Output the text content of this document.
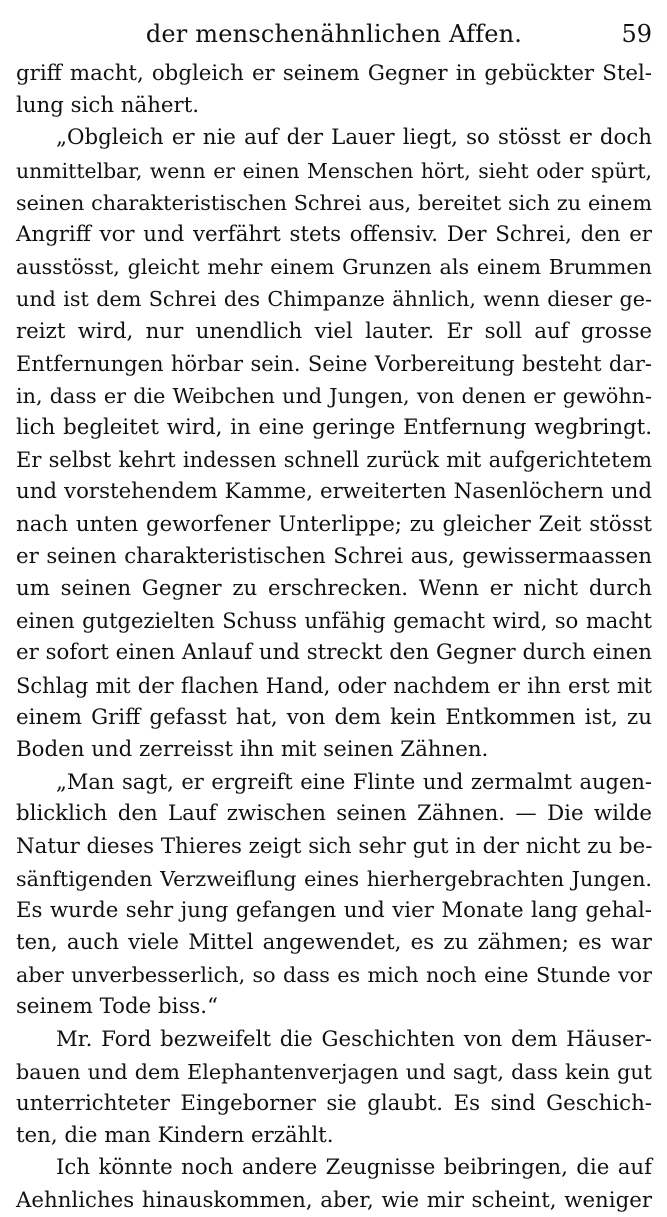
der menschenähnlichen Affen.	59
griff macht, obgleich er seinem Gegner in gebückter Stel-
lung sich nähert.
„Obgleich er nie auf der Lauer liegt, so stösst er doch
unmittelbar, wenn er einen Menschen hört, sieht oder spürt,
seinen charakteristischen Schrei aus, bereitet sich zu einem
Angriff vor und verfährt stets offensiv. Der Schrei, den er
ausstösst, gleicht mehr einem Grunzen als einem Brummen
und ist dem Schrei des Chimpanze ähnlich, wenn dieser ge-
reizt wird, nur unendlich viel lauter. Er soll auf grosse
Entfernungen hörbar sein. Seine Vorbereitung besteht dar-
in, dass er die Weibchen und Jungen, von denen er gewöhn-
lich begleitet wird, in eine geringe Entfernung wegbringt.
Er selbst kehrt indessen schnell zurück mit aufgerichtetem
und vorstehendem Kamme, erweiterten Nasenlöchern und
nach unten geworfener Unterlippe; zu gleicher Zeit stösst
er seinen charakteristischen Schrei aus, gewissermaassen
um seinen Gegner zu erschrecken. Wenn er nicht durch
einen gutgezielten Schuss unfähig gemacht wird, so macht
er sofort einen Anlauf und streckt den Gegner durch einen
Schlag mit der flachen Hand, oder nachdem er ihn erst mit
einem Griff gefasst hat, von dem kein Entkommen ist, zu
Boden und zerreisst ihn mit seinen Zähnen.
„Man sagt, er ergreift eine Flinte und zermalmt augen-
blicklich den Lauf zwischen seinen Zähnen. — Die wilde
Natur dieses Thieres zeigt sich sehr gut in der nicht zu be-
sänftigenden Verzweiflung eines hierhergebrachten Jungen.
Es wurde sehr jung gefangen und vier Monate lang gehal-
ten, auch viele Mittel angewendet, es zu zähmen; es war
aber unverbesserlich, so dass es mich noch eine Stunde vor
seinem Tode biss.“
Mr. Ford bezweifelt die Geschichten von dem Häuser-
bauen und dem Elephantenverjagen und sagt, dass kein gut
unterrichteter Eingeborner sie glaubt. Es sind Geschich-
ten, die man Kindern erzählt.
Ich könnte noch andere Zeugnisse beibringen, die auf
Aehnliches hinauskommen, aber, wie mir scheint, weniger
